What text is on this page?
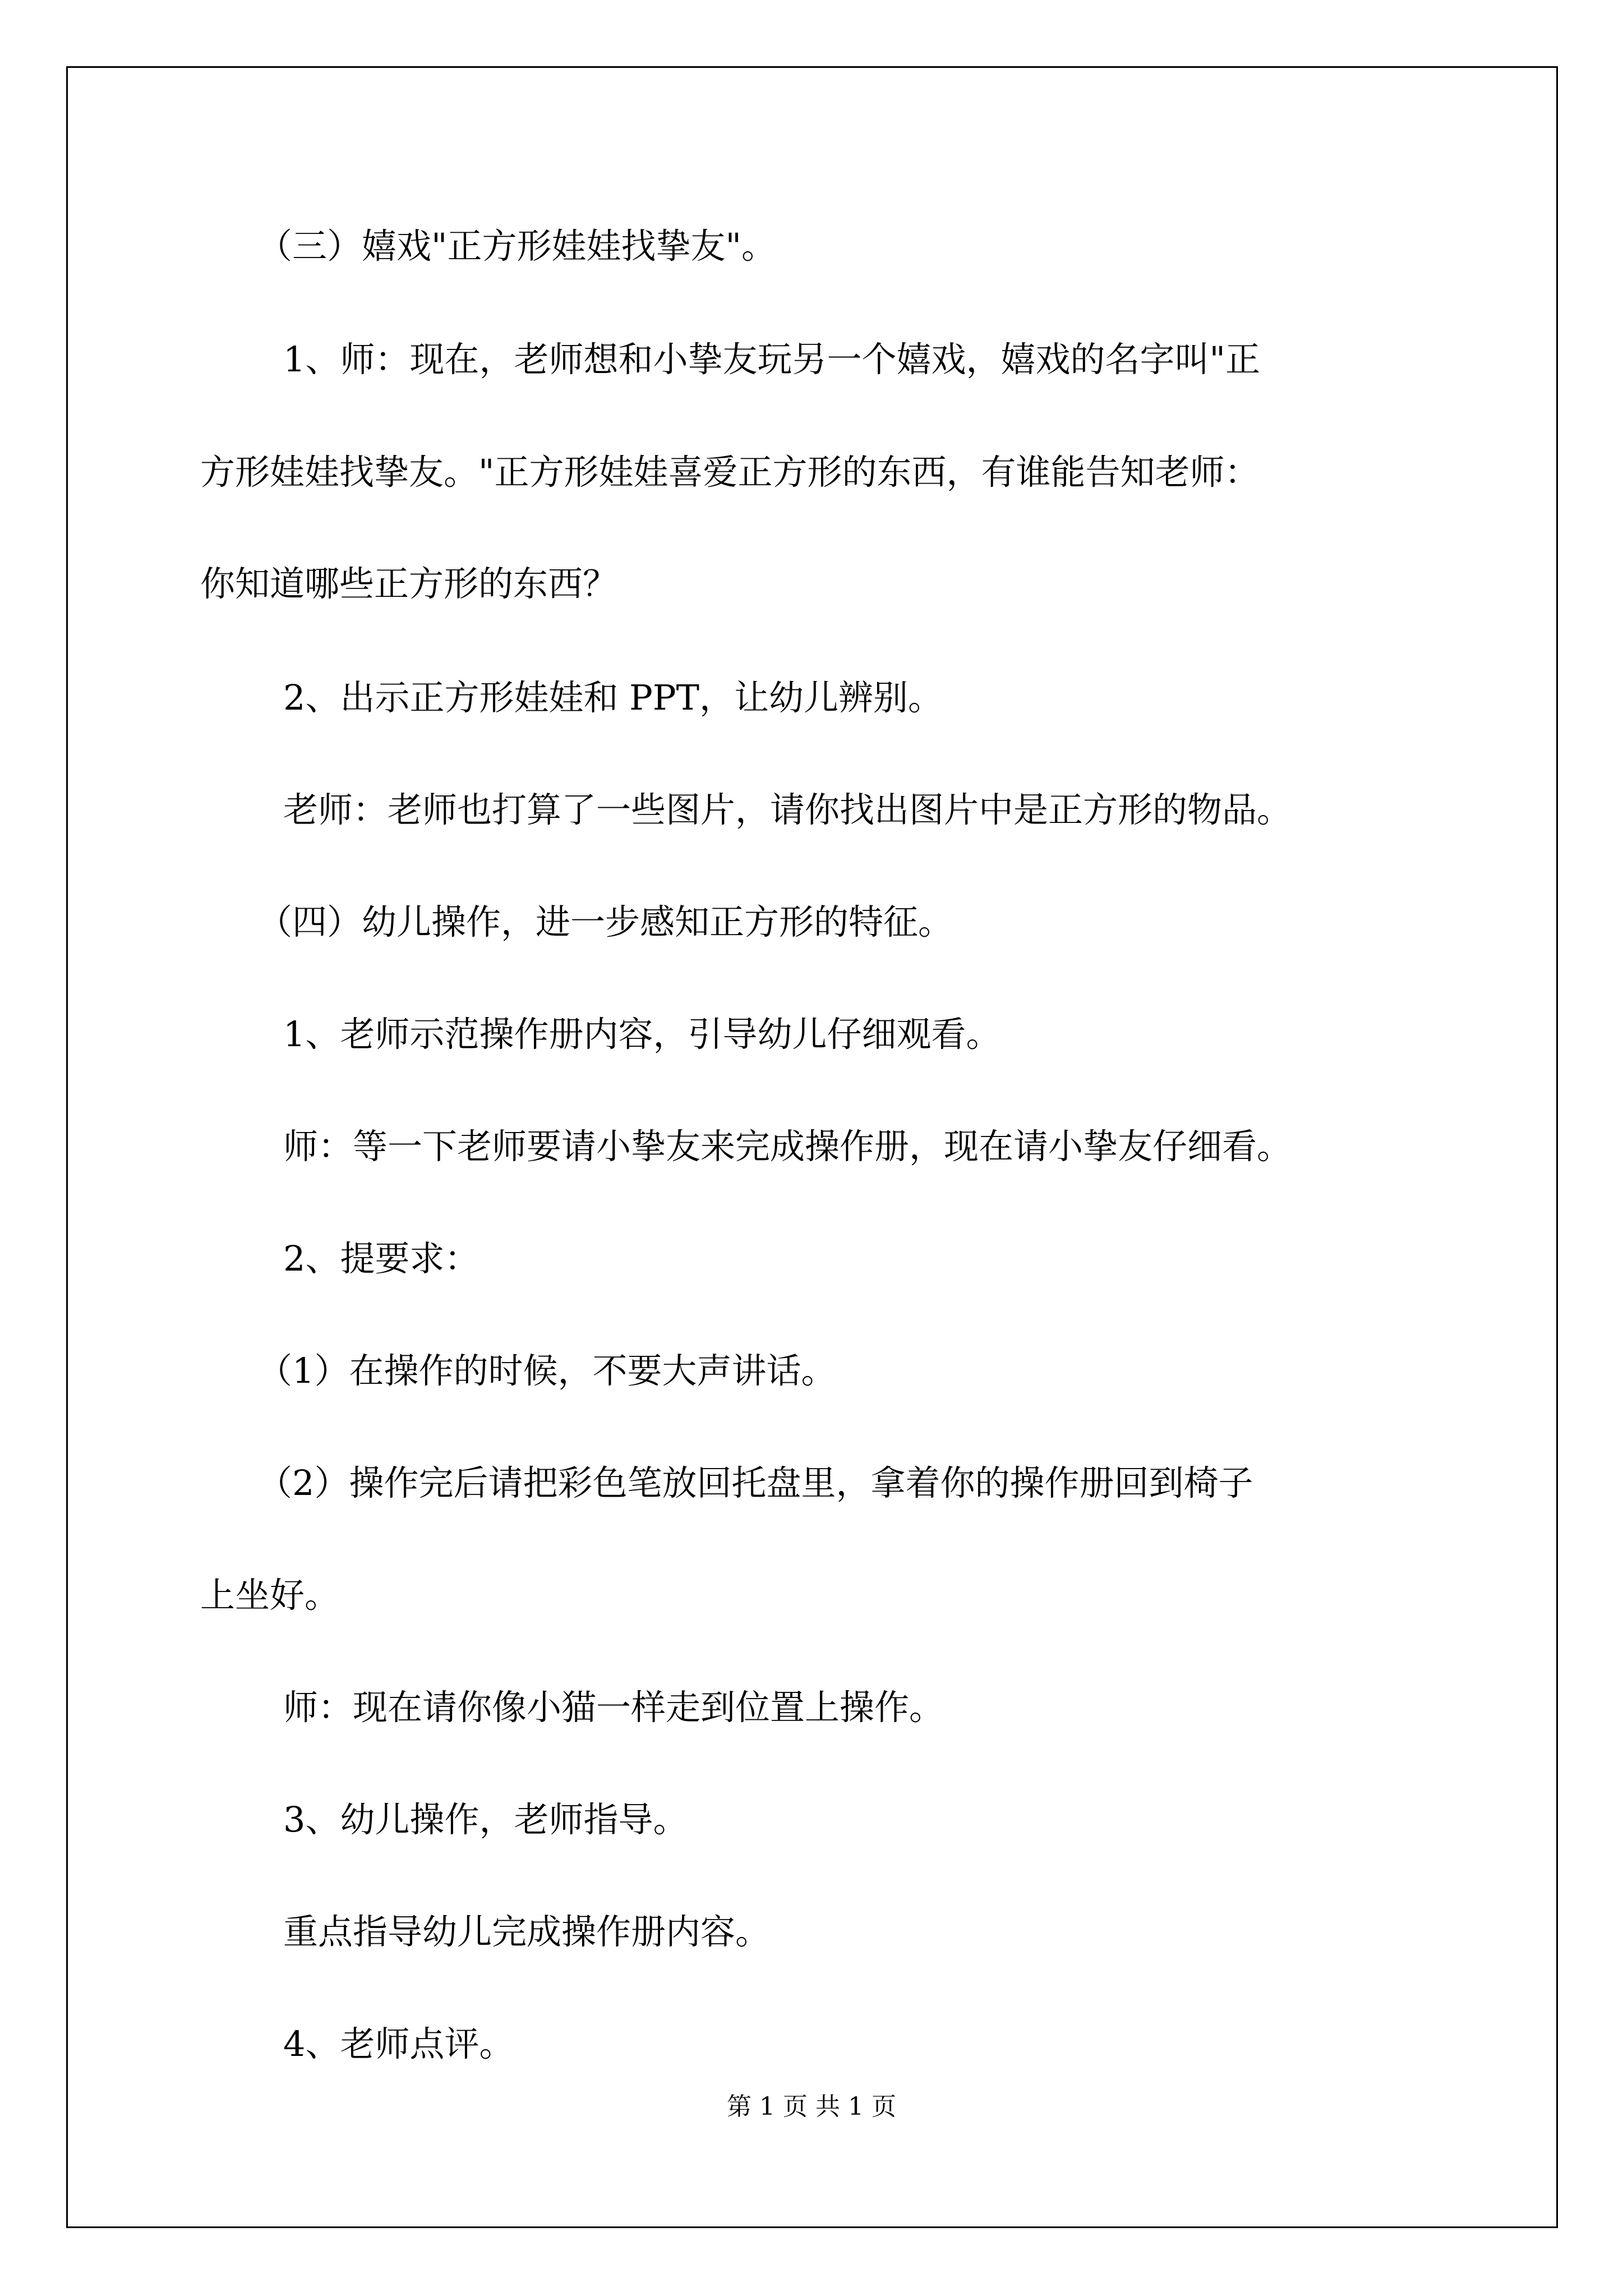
（三）嬉戏"正方形娃娃找挚友"。

1、师：现在，老师想和小挚友玩另一个嬉戏，嬉戏的名字叫"正

方形娃娃找挚友。"正方形娃娃喜爱正方形的东西，有谁能告知老师：

你知道哪些正方形的东西？

2、出示正方形娃娃和 PPT，让幼儿辨别。

老师：老师也打算了一些图片，请你找出图片中是正方形的物品。

（四）幼儿操作，进一步感知正方形的特征。

1、老师示范操作册内容，引导幼儿仔细观看。

师：等一下老师要请小挚友来完成操作册，现在请小挚友仔细看。

2、提要求：

（1）在操作的时候，不要大声讲话。

（2）操作完后请把彩色笔放回托盘里，拿着你的操作册回到椅子

上坐好。

师：现在请你像小猫一样走到位置上操作。

3、幼儿操作，老师指导。

重点指导幼儿完成操作册内容。

4、老师点评。

第 1 页 共 1 页
